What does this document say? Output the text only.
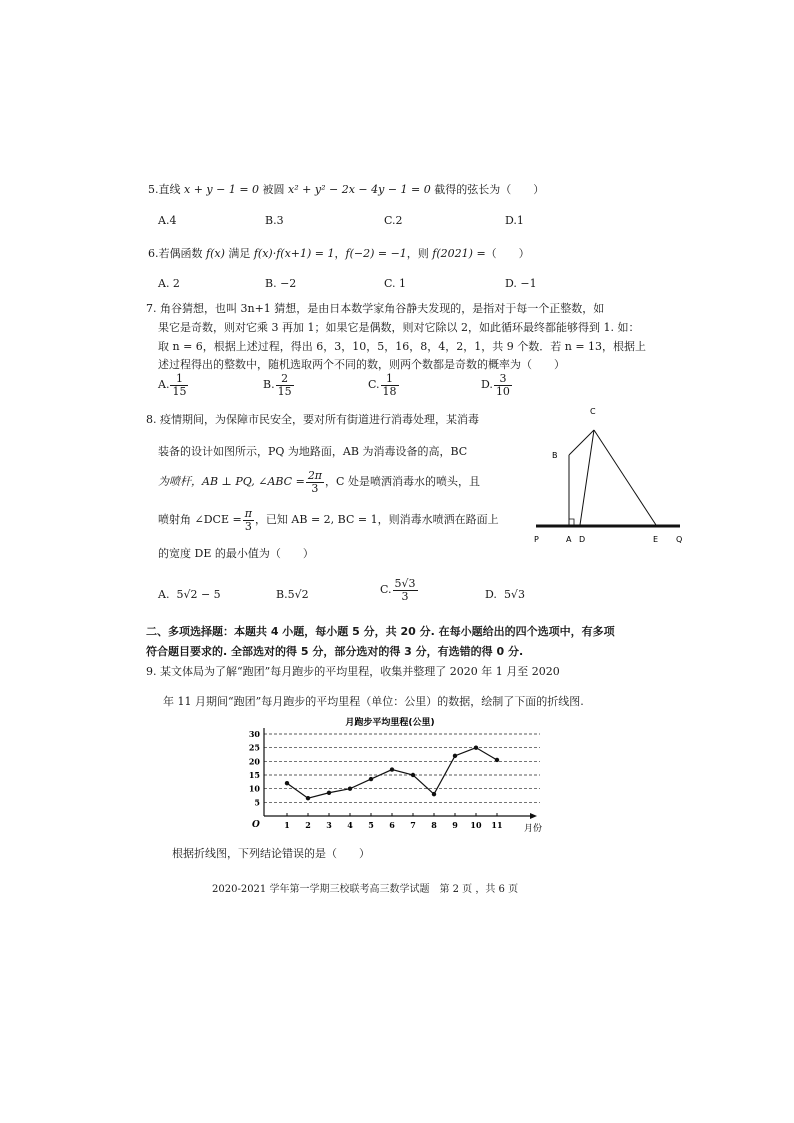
5.直线 x + y − 1 = 0 被圆 x² + y² − 2x − 4y − 1 = 0 截得的弦长为（　　）
A.4	B.3	C.2	D.1
6.若偶函数 f(x) 满足 f(x)·f(x+1) = 1，f(−2) = −1，则 f(2021) =（　　）
A. 2	B. −2	C. 1	D. −1
7. 角谷猜想，也叫 3n+1 猜想，是由日本数学家角谷静夫发现的，是指对于每一个正整数，如
果它是奇数，则对它乘 3 再加 1；如果它是偶数，则对它除以 2，如此循环最终都能够得到 1. 如：
取 n = 6，根据上述过程，得出 6，3，10，5，16，8，4，2，1，共 9 个数．若 n = 13，根据上
述过程得出的整数中，随机选取两个不同的数，则两个数都是奇数的概率为（　　）
A. $\frac{1}{15}$	B. $\frac{2}{15}$	C. $\frac{1}{18}$	D. $\frac{3}{10}$
8. 疫情期间，为保障市民安全，要对所有街道进行消毒处理，某消毒
装备的设计如图所示，PQ 为地路面，AB 为消毒设备的高，BC
为喷杆，AB ⊥ PQ, ∠ABC = $\frac{2\pi}{3}$ ，C 处是喷洒消毒水的喷头，且
喷射角 ∠DCE = $\frac{\pi}{3}$ ，已知 AB = 2, BC = 1，则消毒水喷洒在路面上
的宽度 DE 的最小值为（　　）
C
B
P	A D	E Q
A. 5√2 − 5	B.5√2	C. $\frac{5√3}{3}$	D. 5√3
二、多项选择题：本题共 4 小题，每小题 5 分，共 20 分. 在每小题给出的四个选项中，有多项
符合题目要求的. 全部选对的得 5 分，部分选对的得 3 分，有选错的得 0 分.
9. 某文体局为了解“跑团”每月跑步的平均里程，收集并整理了 2020 年 1 月至 2020
年 11 月期间“跑团”每月跑步的平均里程（单位：公里）的数据，绘制了下面的折线图.
月跑步平均里程(公里)
O	月份
5
10
15
20
25
30
1 2 3 4 5 6 7 8 9 10 11
根据折线图，下列结论错误的是（　　）
2020-2021 学年第一学期三校联考高三数学试题　第 2 页 ，共 6 页
